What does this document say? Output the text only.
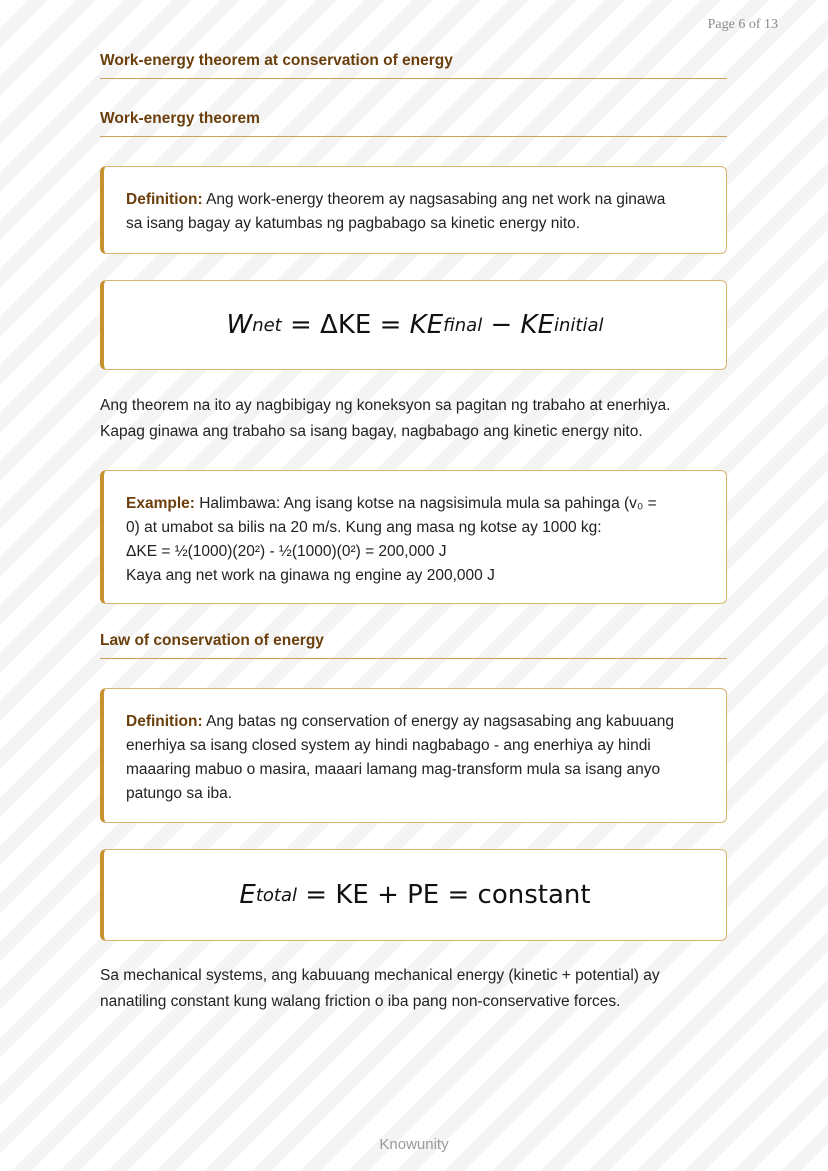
Page 6 of 13
Work-energy theorem at conservation of energy
Work-energy theorem
Definition: Ang work-energy theorem ay nagsasabing ang net work na ginawa
sa isang bagay ay katumbas ng pagbabago sa kinetic energy nito.
W net = ΔKE = KE final − KE initial
Ang theorem na ito ay nagbibigay ng koneksyon sa pagitan ng trabaho at enerhiya.
Kapag ginawa ang trabaho sa isang bagay, nagbabago ang kinetic energy nito.
Example: Halimbawa: Ang isang kotse na nagsisimula mula sa pahinga (v₀ =
0) at umabot sa bilis na 20 m/s. Kung ang masa ng kotse ay 1000 kg:
ΔKE = ½(1000)(20²) - ½(1000)(0²) = 200,000 J
Kaya ang net work na ginawa ng engine ay 200,000 J
Law of conservation of energy
Definition: Ang batas ng conservation of energy ay nagsasabing ang kabuuang
enerhiya sa isang closed system ay hindi nagbabago - ang enerhiya ay hindi
maaaring mabuo o masira, maaari lamang mag-transform mula sa isang anyo
patungo sa iba.
E total = KE + PE = constant
Sa mechanical systems, ang kabuuang mechanical energy (kinetic + potential) ay
nanatiling constant kung walang friction o iba pang non-conservative forces.
Knowunity
